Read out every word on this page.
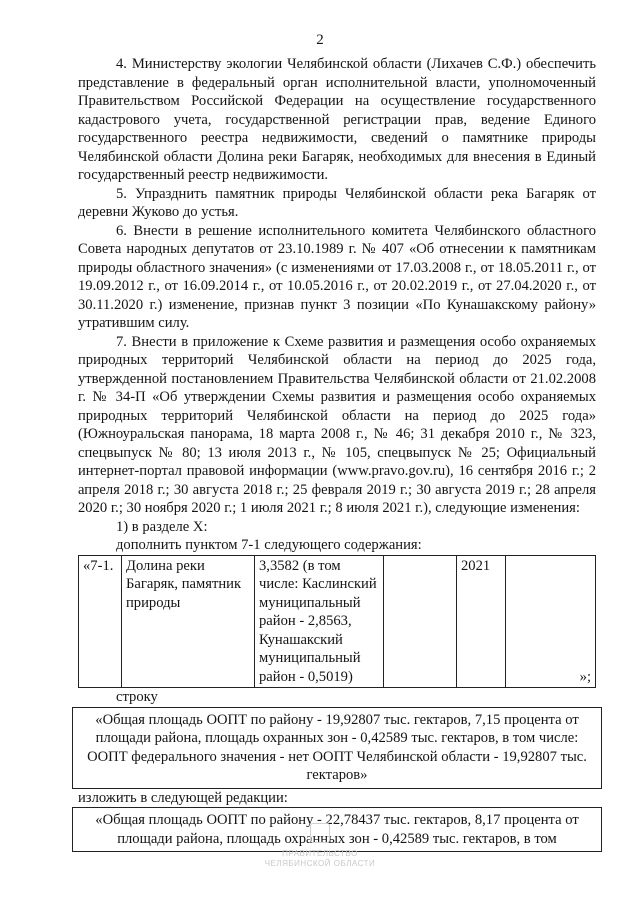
2

4. Министерству экологии Челябинской области (Лихачев С.Ф.) обеспечить представление в федеральный орган исполнительной власти, уполномоченный Правительством Российской Федерации на осуществление государственного кадастрового учета, государственной регистрации прав, ведение Единого государственного реестра недвижимости, сведений о памятнике природы Челябинской области Долина реки Багаряк, необходимых для внесения в Единый государственный реестр недвижимости.

5. Упразднить памятник природы Челябинской области река Багаряк от деревни Жуково до устья.

6. Внести в решение исполнительного комитета Челябинского областного Совета народных депутатов от 23.10.1989 г. № 407 «Об отнесении к памятникам природы областного значения» (с изменениями от 17.03.2008 г., от 18.05.2011 г., от 19.09.2012 г., от 16.09.2014 г., от 10.05.2016 г., от 20.02.2019 г., от 27.04.2020 г., от 30.11.2020 г.) изменение, признав пункт 3 позиции «По Кунашакскому району» утратившим силу.

7. Внести в приложение к Схеме развития и размещения особо охраняемых природных территорий Челябинской области на период до 2025 года, утвержденной постановлением Правительства Челябинской области от 21.02.2008 г. № 34-П «Об утверждении Схемы развития и размещения особо охраняемых природных территорий Челябинской области на период до 2025 года» (Южноуральская панорама, 18 марта 2008 г., № 46; 31 декабря 2010 г., № 323, спецвыпуск № 80; 13 июля 2013 г., № 105, спецвыпуск № 25; Официальный интернет-портал правовой информации (www.pravo.gov.ru), 16 сентября 2016 г.; 2 апреля 2018 г.; 30 августа 2018 г.; 25 февраля 2019 г.; 30 августа 2019 г.; 28 апреля 2020 г.; 30 ноября 2020 г.; 1 июля 2021 г.; 8 июля 2021 г.), следующие изменения:

1) в разделе X:

дополнить пунктом 7-1 следующего содержания:

«7-1.	Долина реки Багаряк, памятник природы	3,3582 (в том числе: Каслинский муниципальный район - 2,8563, Кунашакский муниципальный район - 0,5019)		2021	»;

строку

«Общая площадь ООПТ по району - 19,92807 тыс. гектаров, 7,15 процента от площади района, площадь охранных зон - 0,42589 тыс. гектаров, в том числе: ООПТ федерального значения - нет ООПТ Челябинской области - 19,92807 тыс. гектаров»

изложить в следующей редакции:

«Общая площадь ООПТ по району - 22,78437 тыс. гектаров, 8,17 процента от площади района, площадь охранных зон - 0,42589 тыс. гектаров, в том

ПРАВИТЕЛЬСТВО
ЧЕЛЯБИНСКОЙ ОБЛАСТИ
